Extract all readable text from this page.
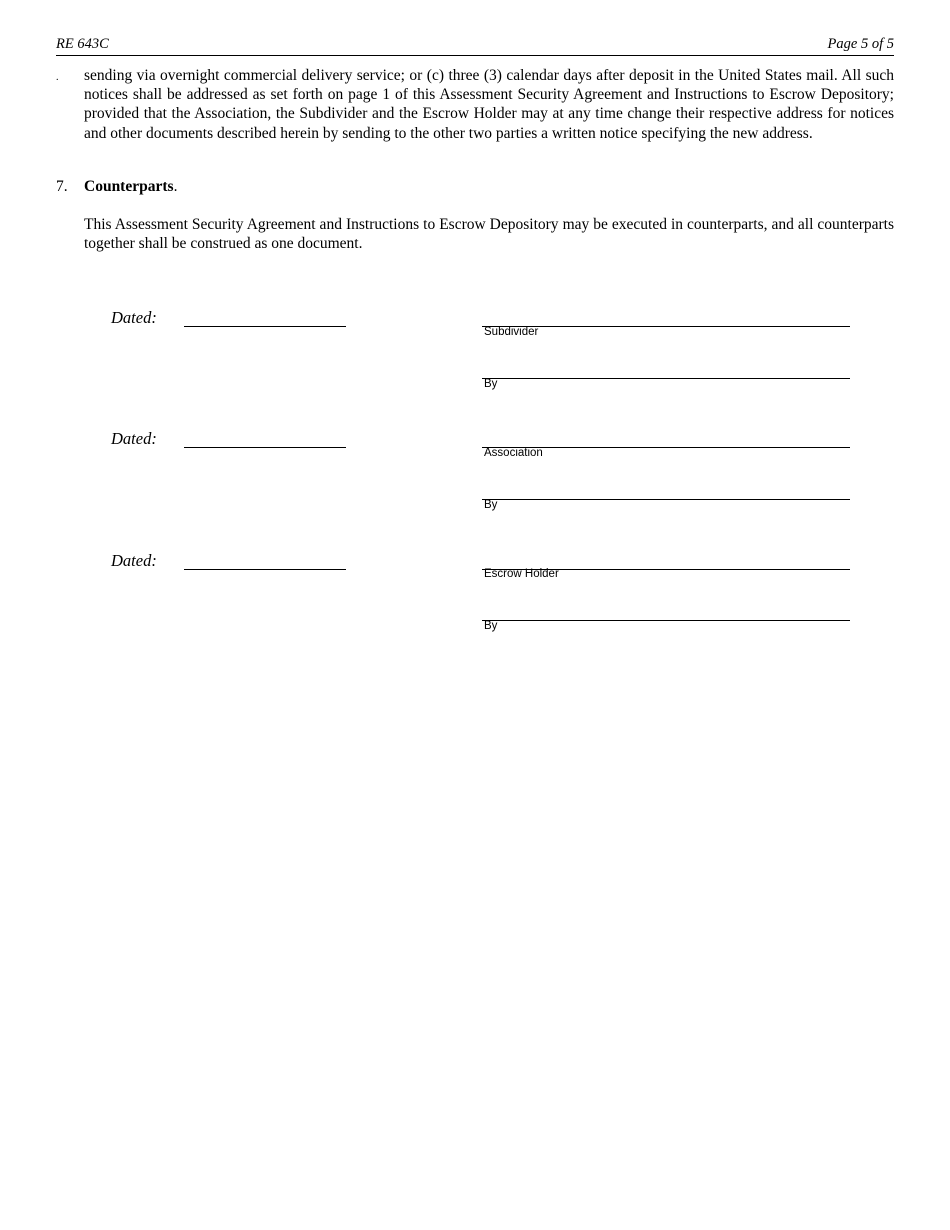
RE 643C	Page 5 of 5
. sending via overnight commercial delivery service; or (c) three (3) calendar days after deposit in the United States mail. All such notices shall be addressed as set forth on page 1 of this Assessment Security Agreement and Instructions to Escrow Depository; provided that the Association, the Subdivider and the Escrow Holder may at any time change their respective address for notices and other documents described herein by sending to the other two parties a written notice specifying the new address.
7. Counterparts.
This Assessment Security Agreement and Instructions to Escrow Depository may be executed in counterparts, and all counterparts together shall be construed as one document.
Dated:
Subdivider
By
Dated:
Association
By
Dated:
Escrow Holder
By
